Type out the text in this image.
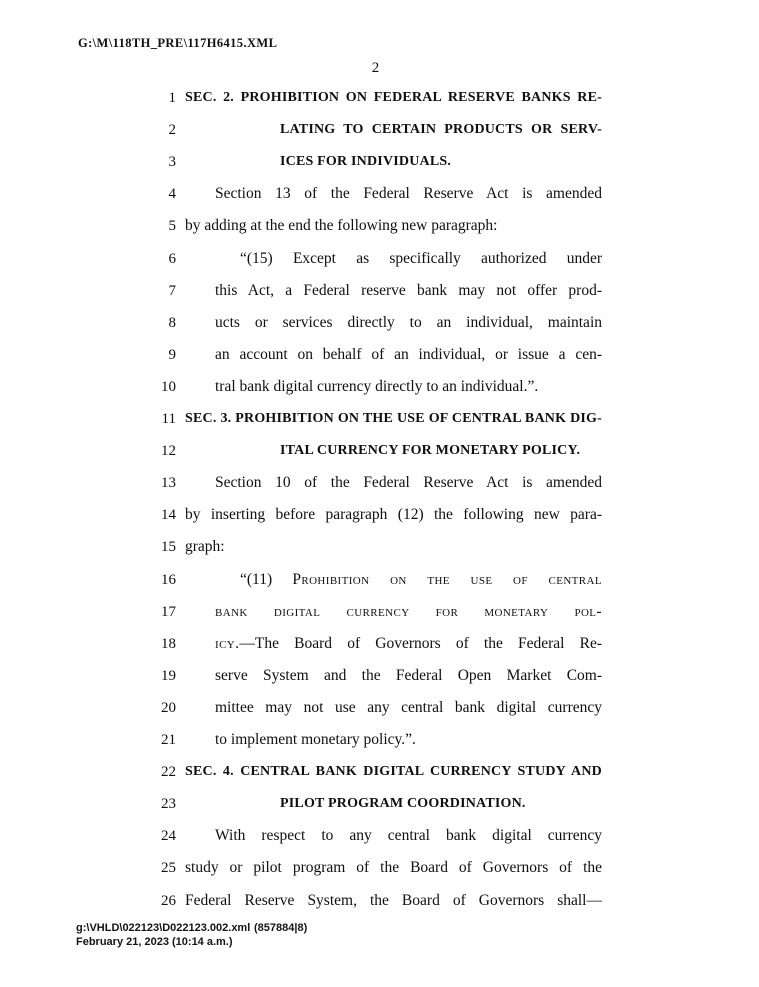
G:\M\118TH_PRE\117H6415.XML
2
1 SEC. 2. PROHIBITION ON FEDERAL RESERVE BANKS RE-
2	LATING TO CERTAIN PRODUCTS OR SERV-
3	ICES FOR INDIVIDUALS.
4	Section 13 of the Federal Reserve Act is amended
5 by adding at the end the following new paragraph:
6	“(15) Except as specifically authorized under
7	this Act, a Federal reserve bank may not offer prod-
8	ucts or services directly to an individual, maintain
9	an account on behalf of an individual, or issue a cen-
10	tral bank digital currency directly to an individual.”.
11 SEC. 3. PROHIBITION ON THE USE OF CENTRAL BANK DIG-
12	ITAL CURRENCY FOR MONETARY POLICY.
13	Section 10 of the Federal Reserve Act is amended
14 by inserting before paragraph (12) the following new para-
15 graph:
16	“(11) Prohibition on the use of central
17	bank digital currency for monetary pol-
18	icy.—The Board of Governors of the Federal Re-
19	serve System and the Federal Open Market Com-
20	mittee may not use any central bank digital currency
21	to implement monetary policy.”.
22 SEC. 4. CENTRAL BANK DIGITAL CURRENCY STUDY AND
23	PILOT PROGRAM COORDINATION.
24	With respect to any central bank digital currency
25 study or pilot program of the Board of Governors of the
26 Federal Reserve System, the Board of Governors shall—
g:\VHLD\022123\D022123.002.xml (857884|8)
February 21, 2023 (10:14 a.m.)
